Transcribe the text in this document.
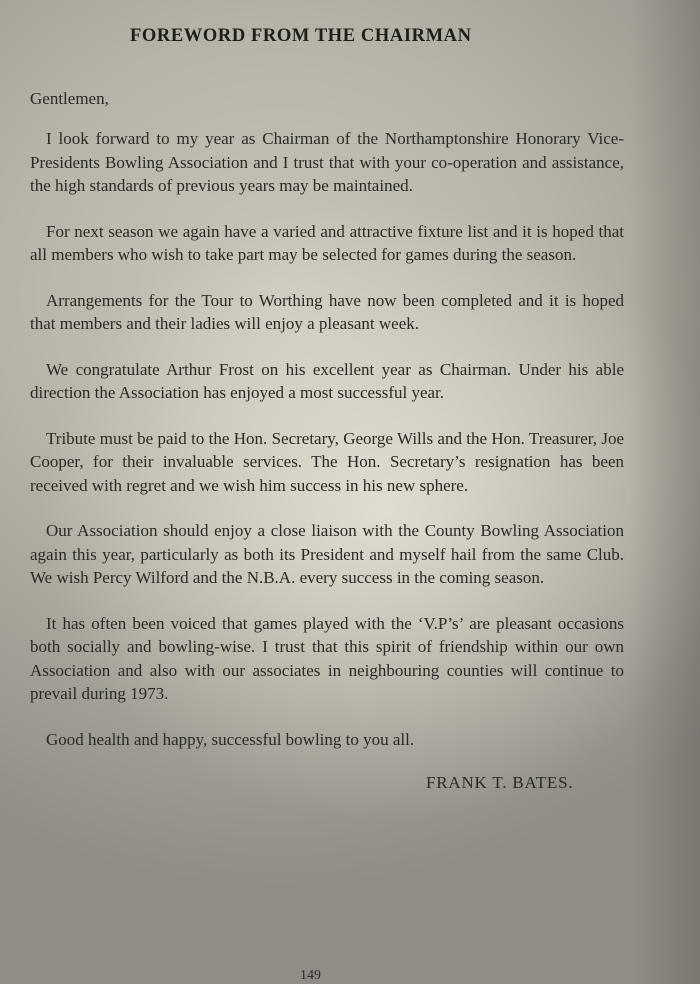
FOREWORD FROM THE CHAIRMAN

Gentlemen,

I look forward to my year as Chairman of the Northamptonshire Honorary Vice-Presidents Bowling Association and I trust that with your co-operation and assistance, the high standards of previous years may be maintained.

For next season we again have a varied and attractive fixture list and it is hoped that all members who wish to take part may be selected for games during the season.

Arrangements for the Tour to Worthing have now been completed and it is hoped that members and their ladies will enjoy a pleasant week.

We congratulate Arthur Frost on his excellent year as Chairman. Under his able direction the Association has enjoyed a most successful year.

Tribute must be paid to the Hon. Secretary, George Wills and the Hon. Treasurer, Joe Cooper, for their invaluable services. The Hon. Secretary’s resignation has been received with regret and we wish him success in his new sphere.

Our Association should enjoy a close liaison with the County Bowling Association again this year, particularly as both its President and myself hail from the same Club. We wish Percy Wilford and the N.B.A. every success in the coming season.

It has often been voiced that games played with the ‘V.P’s’ are pleasant occasions both socially and bowling-wise. I trust that this spirit of friendship within our own Association and also with our associates in neighbouring counties will continue to prevail during 1973.

Good health and happy, successful bowling to you all.

FRANK T. BATES.

149
